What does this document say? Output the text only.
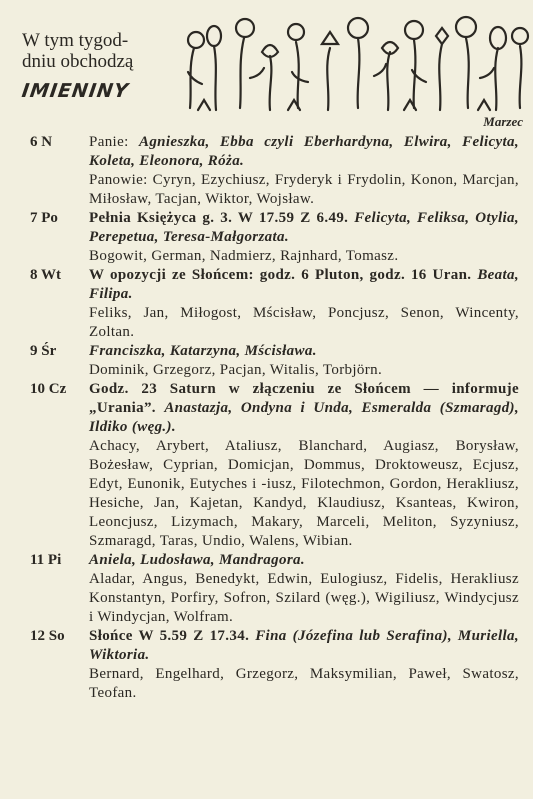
W tym tygod-
dniu obchodzą
IMIENINY
Marzec
6 N Panie: Agnieszka, Ebba czyli Eberhardyna, Elwira, Felicyta, Koleta, Eleonora, Róża.

Panowie: Cyryn, Ezychiusz, Fryderyk i Frydolin, Konon, Marcjan, Miłosław, Tacjan, Wiktor, Wojsław.

7 Po Pełnia Księżyca g. 3. W 17.59 Z 6.49. Felicyta, Feliksa, Otylia, Perepetua, Teresa-Małgorzata.

Bogowit, German, Nadmierz, Rajnhard, Tomasz.

8 Wt W opozycji ze Słońcem: godz. 6 Pluton, godz. 16 Uran. Beata, Filipa.

Feliks, Jan, Miłogost, Mścisław, Poncjusz, Senon, Wincenty, Zoltan.

9 Śr Franciszka, Katarzyna, Mścisława.

Dominik, Grzegorz, Pacjan, Witalis, Torbjörn.

10 Cz Godz. 23 Saturn w złączeniu ze Słońcem — informuje „Urania”. Anastazja, Ondyna i Unda, Esmeralda (Szmaragd), Ildiko (węg.).

Achacy, Arybert, Ataliusz, Blanchard, Augiasz, Borysław, Bożesław, Cyprian, Domicjan, Dommus, Droktoweusz, Ecjusz, Edyt, Eunonik, Eutyches i -iusz, Filotechmon, Gordon, Herakliusz, Hesiche, Jan, Kajetan, Kandyd, Klaudiusz, Ksanteas, Kwiron, Leoncjusz, Lizymach, Makary, Marceli, Meliton, Syzyniusz, Szmaragd, Taras, Undio, Walens, Wibian.

11 Pi Aniela, Ludosława, Mandragora.

Aladar, Angus, Benedykt, Edwin, Eulogiusz, Fidelis, Herakliusz Konstantyn, Porfiry, Sofron, Szilard (węg.), Wigiliusz, Windycjusz i Windycjan, Wolfram.

12 So Słońce W 5.59 Z 17.34. Fina (Józefina lub Serafina), Muriella, Wiktoria.

Bernard, Engelhard, Grzegorz, Maksymilian, Paweł, Swatosz, Teofan.
